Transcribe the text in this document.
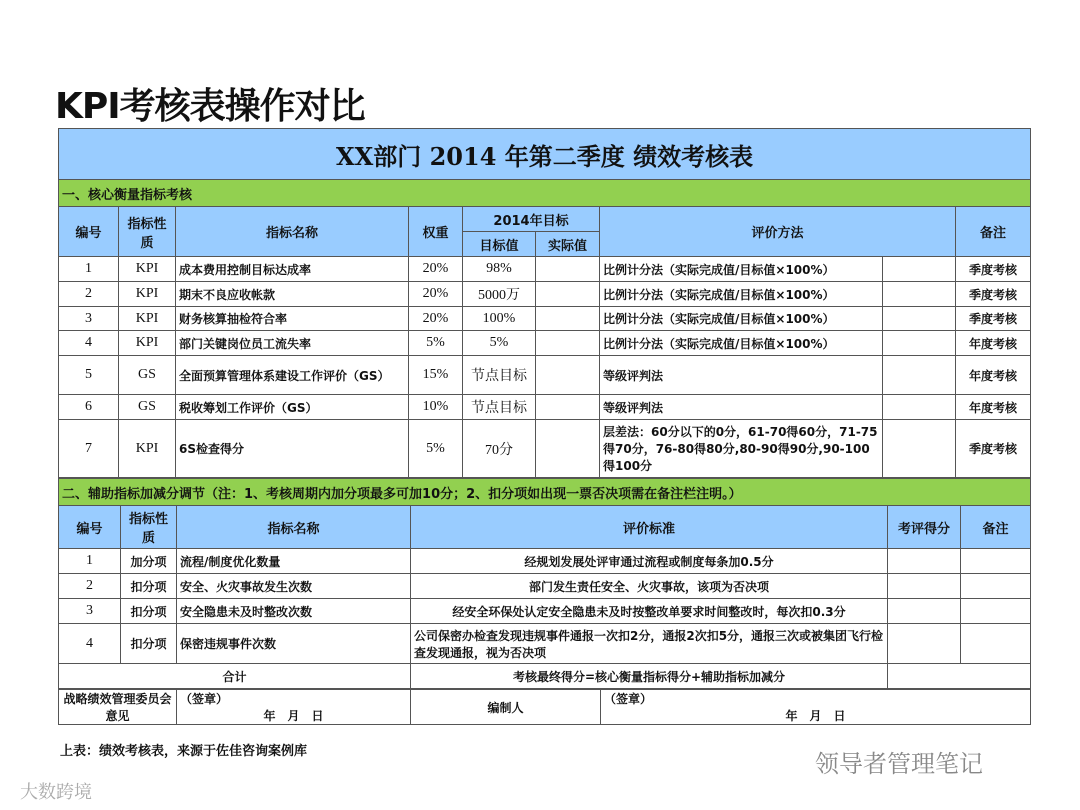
KPI考核表操作对比
XX部门 2014 年第二季度 绩效考核表								
一、核心衡量指标考核								
编号	指标性质	指标名称	权重	2014年目标		评价方法		备注
				目标值	实际值			
1	KPI	成本费用控制目标达成率	20%	98%		比例计分法（实际完成值/目标值×100%）		季度考核
2	KPI	期末不良应收帐款	20%	5000万		比例计分法（实际完成值/目标值×100%）		季度考核
3	KPI	财务核算抽检符合率	20%	100%		比例计分法（实际完成值/目标值×100%）		季度考核
4	KPI	部门关键岗位员工流失率	5%	5%		比例计分法（实际完成值/目标值×100%）		年度考核
5	GS	全面预算管理体系建设工作评价（GS）	15%	节点目标		等级评判法		年度考核
6	GS	税收筹划工作评价（GS）	10%	节点目标		等级评判法		年度考核
7	KPI	6S检查得分	5%	70分		层差法：60分以下的0分，61-70得60分，71-75得70分，76-80得80分,80-90得90分,90-100得100分		季度考核
二、辅助指标加减分调节（注：1、考核周期内加分项最多可加10分；2、扣分项如出现一票否决项需在备注栏注明。）					
编号	指标性质	指标名称	评价标准	考评得分	备注
1	加分项	流程/制度优化数量	经规划发展处评审通过流程或制度每条加0.5分		
2	扣分项	安全、火灾事故发生次数	部门发生责任安全、火灾事故，该项为否决项		
3	扣分项	安全隐患未及时整改次数	经安全环保处认定安全隐患未及时按整改单要求时间整改时，每次扣0.3分		
4	扣分项	保密违规事件次数	公司保密办检查发现违规事件通报一次扣2分，通报2次扣5分，通报三次或被集团飞行检查发现通报，视为否决项		
合计			考核最终得分=核心衡量指标得分+辅助指标加减分		
战略绩效管理委员会意见	
（签章）
年　月　日
	编制人	
（签章）
年　月　日
上表：绩效考核表，来源于佐佳咨询案例库	领导者管理笔记
大数跨境
